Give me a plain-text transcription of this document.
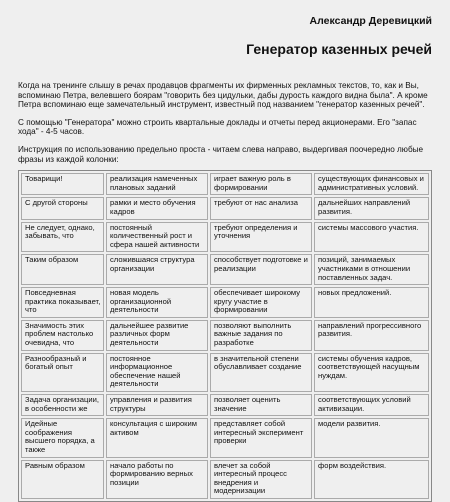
Александр Деревицкий
Генератор казенных речей
Когда на тренинге слышу в речах продавцов фрагменты их фирменных рекламных текстов, то, как и Вы, вспоминаю Петра, велевшего боярам "говорить без цидульки, дабы дурость каждого видна была". А кроме Петра вспоминаю еще замечательный инструмент, известный под названием "генератор казенных речей".
С помощью "Генератора" можно строить квартальные доклады и отчеты перед акционерами. Его "запас хода" - 4-5 часов.
Инструкция по использованию предельно проста - читаем слева направо, выдергивая поочередно любые фразы из каждой колонки:
Товарищи!	реализация намеченных плановых заданий	играет важную роль в формировании	существующих финансовых и административных условий.
С другой стороны	рамки и место обучения кадров	требуют от нас анализа	дальнейших направлений развития.
Не следует, однако, забывать, что	постоянный количественный рост и сфера нашей активности	требуют определения и уточнения	системы массового участия.
Таким образом	сложившаяся структура организации	способствует подготовке и реализации	позиций, занимаемых участниками в отношении поставленных задач.
Повседневная практика показывает, что	новая модель организационной деятельности	обеспечивает широкому кругу участие в формировании	новых предложений.
Значимость этих проблем настолько очевидна, что	дальнейшее развитие различных форм деятельности	позволяют выполнить важные задания по разработке	направлений прогрессивного развития.
Разнообразный и богатый опыт	постоянное информационное обеспечение нашей деятельности	в значительной степени обуславливает создание	системы обучения кадров, соответствующей насущным нуждам.
Задача организации, в особенности же	управления и развития структуры	позволяет оценить значение	соответствующих условий активизации.
Идейные соображения высшего порядка, а также	консультация с широким активом	представляет собой интересный эксперимент проверки	модели развития.
Равным образом	начало работы по формированию верных позиции	влечет за собой интересный процесс внедрения и модернизации	форм воздействия.
